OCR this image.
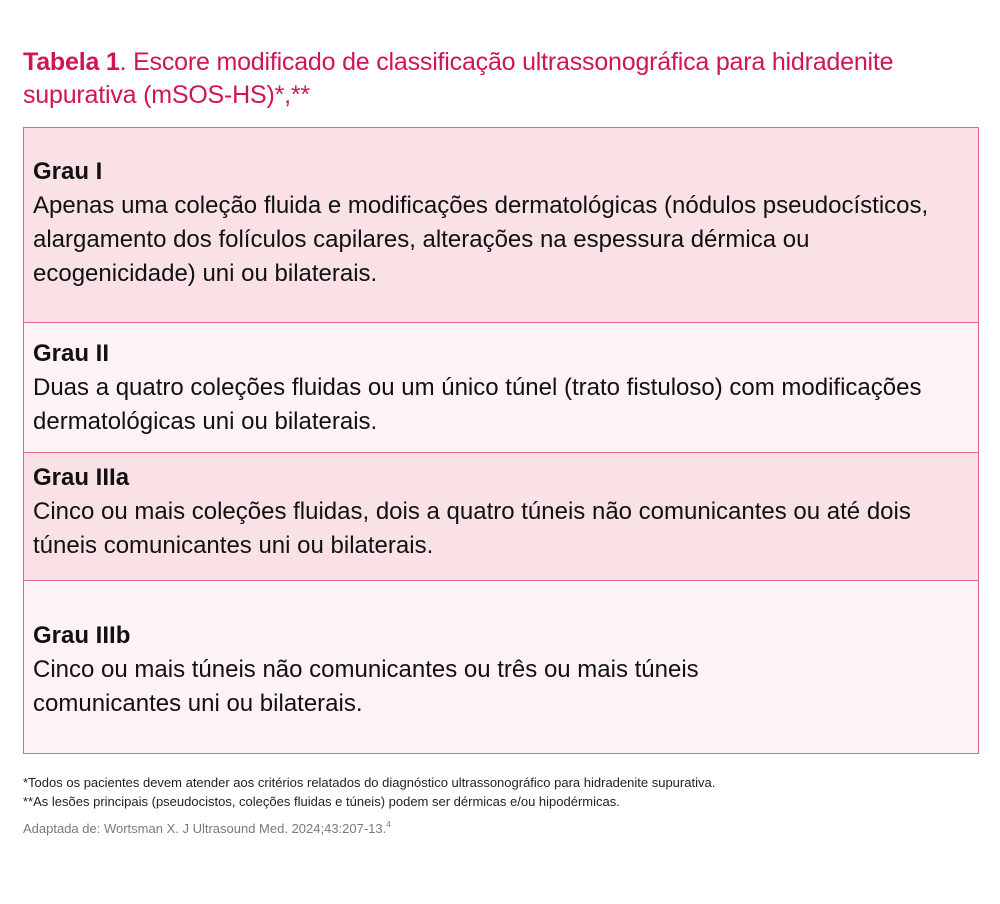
Tabela 1. Escore modificado de classificação ultrassonográfica para hidradenite supurativa (mSOS-HS)*,**
Grau I
Apenas uma coleção fluida e modificações dermatológicas (nódulos pseudocísticos, alargamento dos folículos capilares, alterações na espessura dérmica ou ecogenicidade) uni ou bilaterais.
Grau II
Duas a quatro coleções fluidas ou um único túnel (trato fistuloso) com modificações dermatológicas uni ou bilaterais.
Grau IIIa
Cinco ou mais coleções fluidas, dois a quatro túneis não comunicantes ou até dois túneis comunicantes uni ou bilaterais.
Grau IIIb
Cinco ou mais túneis não comunicantes ou três ou mais túneis comunicantes uni ou bilaterais.
*Todos os pacientes devem atender aos critérios relatados do diagnóstico ultrassonográfico para hidradenite supurativa.
**As lesões principais (pseudocistos, coleções fluidas e túneis) podem ser dérmicas e/ou hipodérmicas.
Adaptada de: Wortsman X. J Ultrasound Med. 2024;43:207-13.$^4$
